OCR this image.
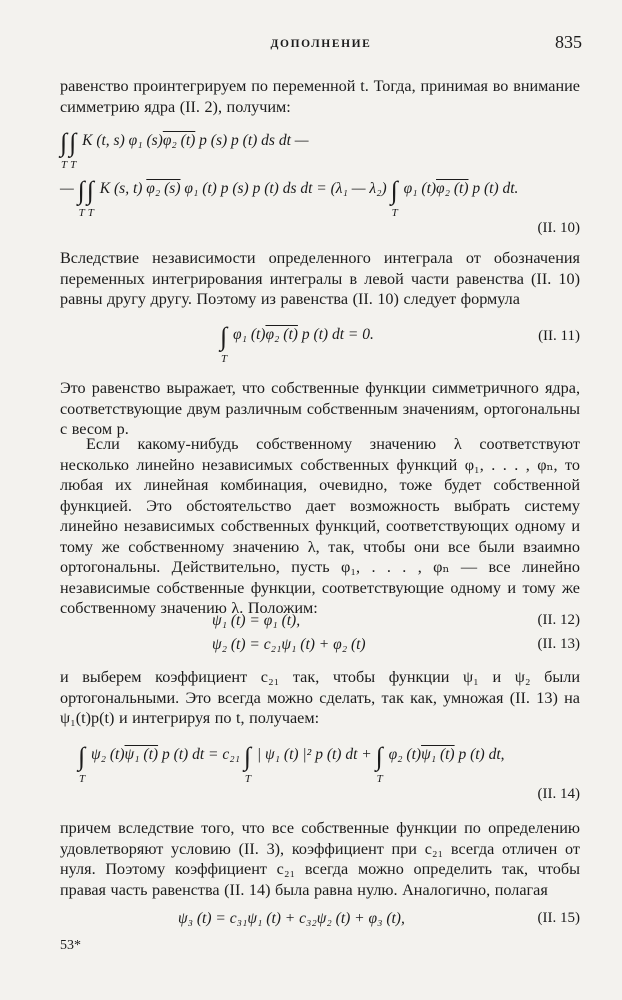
ДОПОЛНЕНИЕ	835
равенство проинтегрируем по переменной t. Тогда, принимая во внимание симметрию ядра (II. 2), получим:
∫
T
∫
T
K (t, s) φ₁ (s)φ₂ (t) p (s) p (t) ds dt —
— ∫
T
∫
T
K (s, t) φ₂ (s) φ₁ (t) p (s) p (t) ds dt = (λ₁ — λ₂) ∫
T
φ₁ (t)φ₂ (t) p (t) dt.
(II. 10)
Вследствие независимости определенного интеграла от обозначения переменных интегрирования интегралы в левой части равенства (II. 10) равны другу другу. Поэтому из равенства (II. 10) следует формула
∫
T
φ₁ (t)φ₂ (t) p (t) dt = 0.	(II. 11)
Это равенство выражает, что собственные функции симметричного ядра, соответствующие двум различным собственным значениям, ортогональны с весом p.
Если какому-нибудь собственному значению λ соответствуют несколько линейно независимых собственных функций φ₁, . . . , φₙ, то любая их линейная комбинация, очевидно, тоже будет собственной функцией. Это обстоятельство дает возможность выбрать систему линейно независимых собственных функций, соответствующих одному и тому же собственному значению λ, так, чтобы они все были взаимно ортогональны. Действительно, пусть φ₁, . . . , φₙ — все линейно независимые собственные функции, соответствующие одному и тому же собственному значению λ. Положим:
ψ₁ (t) = φ₁ (t),	(II. 12)
ψ₂ (t) = c₂₁ψ₁ (t) + φ₂ (t)	(II. 13)
и выберем коэффициент c₂₁ так, чтобы функции ψ₁ и ψ₂ были ортогональными. Это всегда можно сделать, так как, умножая (II. 13) на ψ₁(t)p(t) и интегрируя по t, получаем:
∫
T
ψ₂ (t)ψ₁ (t) p (t) dt = c₂₁ ∫
T
| ψ₁ (t) |² p (t) dt + ∫
T
φ₂ (t)ψ₁ (t) p (t) dt,
(II. 14)
причем вследствие того, что все собственные функции по определению удовлетворяют условию (II. 3), коэффициент при c₂₁ всегда отличен от нуля. Поэтому коэффициент c₂₁ всегда можно определить так, чтобы правая часть равенства (II. 14) была равна нулю. Аналогично, полагая
ψ₃ (t) = c₃₁ψ₁ (t) + c₃₂ψ₂ (t) + φ₃ (t),	(II. 15)
53*
